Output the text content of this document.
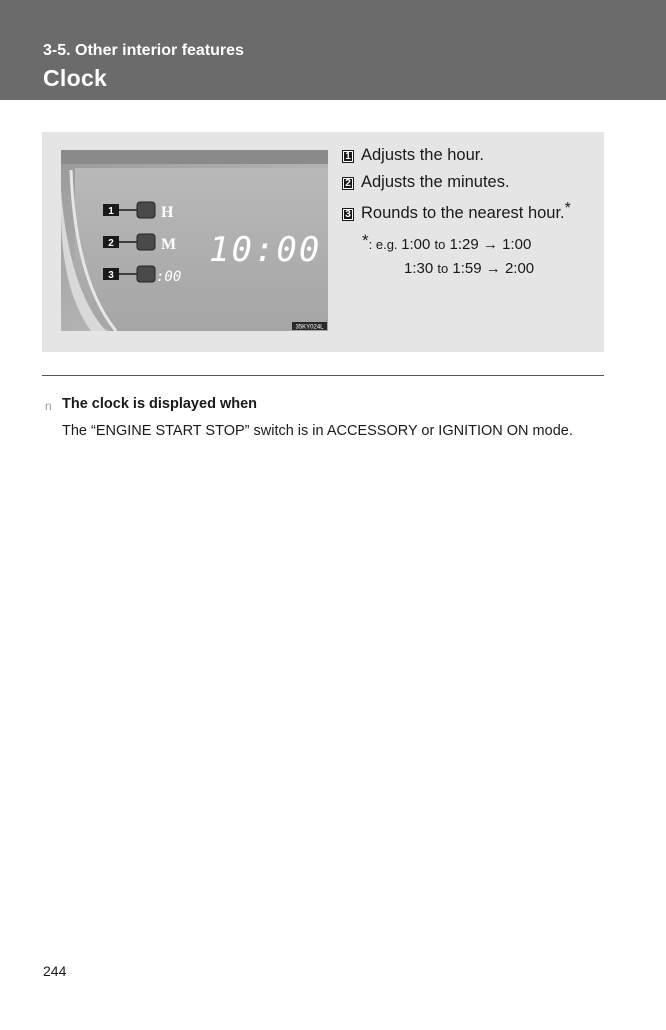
3-5. Other interior features
Clock
1	H
2	M
3	:00
10:00
35KY024L
1 Adjusts the hour.
2 Adjusts the minutes.
3 Rounds to the nearest hour.*
*: e.g. 1:00 to 1:29 → 1:00
1:30 to 1:59 → 2:00
n The clock is displayed when
The “ENGINE START STOP” switch is in ACCESSORY or IGNITION ON mode.
244
